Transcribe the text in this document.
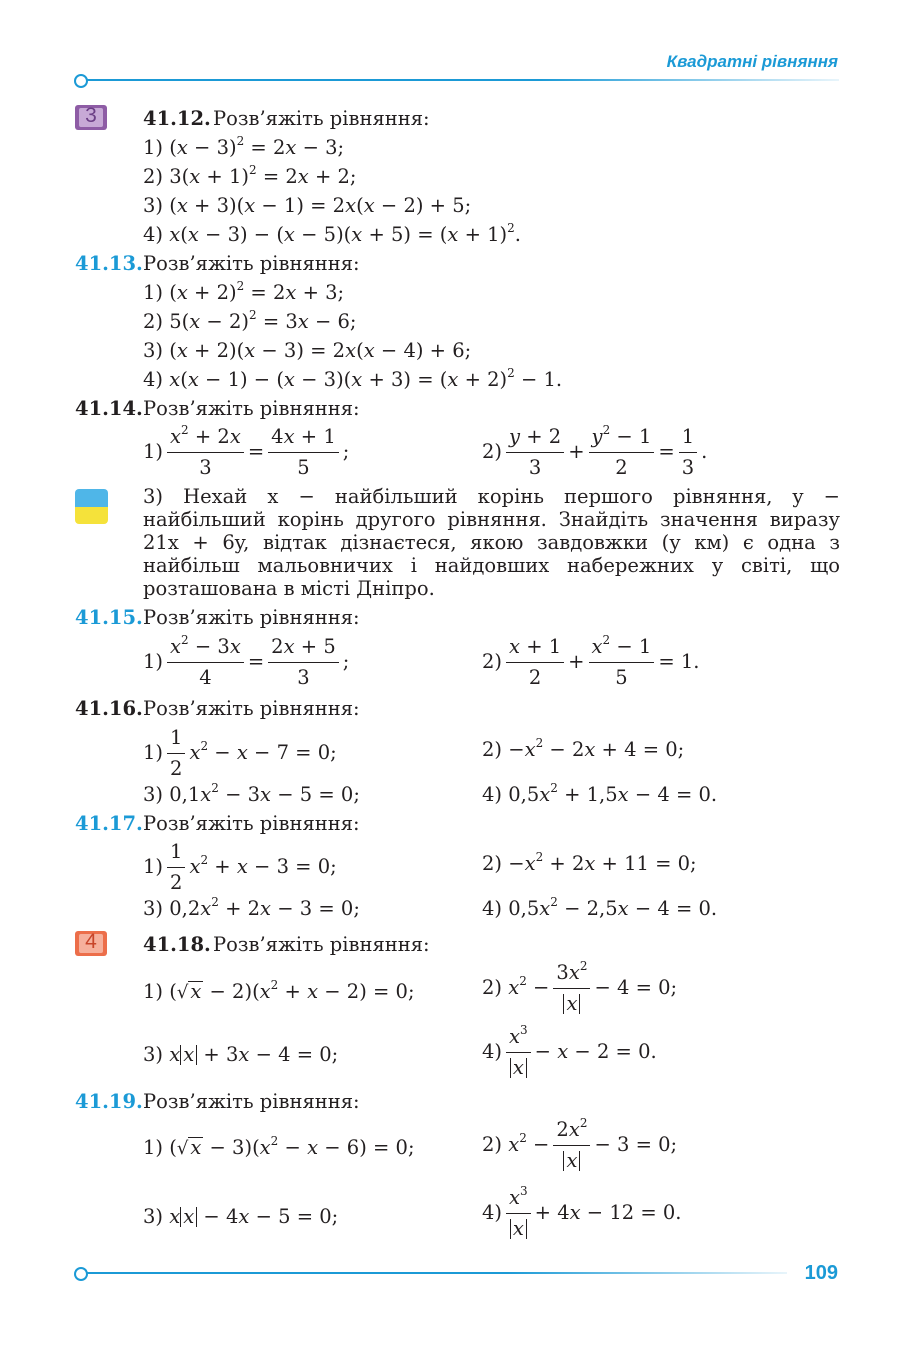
Квадратні рівняння
3	41.12. Розв’яжіть рівняння:
1) $(x - 3)^2 = 2x - 3$;
2) $3(x + 1)^2 = 2x + 2$;
3) (x + 3)(x − 1) = 2x(x − 2) + 5;
4) $x(x - 3) - (x - 5)(x + 5) = (x + 1)^2$.
41.13. Розв’яжіть рівняння:
1) $(x + 2)^2 = 2x + 3$;
2) $5(x - 2)^2 = 3x - 6$;
3) (x + 2)(x − 3) = 2x(x − 4) + 6;
4) $x(x - 1) - (x - 3)(x + 3) = (x + 2)^2 - 1$.
41.14. Розв’яжіть рівняння:
$1) \frac{x^2 + 2x}{3} = \frac{4x + 1}{5}$ ;	$2) \frac{y + 2}{3} + \frac{y^2 - 1}{2} = \frac{1}{3}$ .
3) Нехай x − найбільший корінь першого рівняння, y − найбільший корінь другого рівняння. Знайдіть значення виразу 21x + 6y, відтак дізнаєтеся, якою завдовжки (у км) є одна з найбільш мальовничих і найдовших набережних у світі, що розташована в місті Дніпро.
41.15. Розв’яжіть рівняння:
$1) \frac{x^2 - 3x}{4} = \frac{2x + 5}{3}$ ;	$2) \frac{x + 1}{2} + \frac{x^2 - 1}{5} = 1$.
41.16. Розв’яжіть рівняння:
$1) \frac{1}{2} x^2 - x - 7 = 0$;	$2) -x^2 - 2x + 4 = 0$;
3) $0,1x^2 - 3x - 5 = 0$;	4) $0,5x^2 + 1,5x - 4 = 0$.
41.17. Розв’яжіть рівняння:
$1) \frac{1}{2} x^2 + x - 3 = 0$;	$2) -x^2 + 2x + 11 = 0$;
3) $0,2x^2 + 2x - 3 = 0$;	4) $0,5x^2 - 2,5x - 4 = 0$.
4	41.18. Розв’яжіть рівняння:
1) (√ $x - 2)(x^2 + x - 2) = 0$;	2) $x^2 - \frac{3x^2}{x} - 4 = 0$;
3) x x + 3x − 4 = 0;	$4) \frac{x^3}{x} - x - 2 = 0$.
41.19. Розв’яжіть рівняння:
1) (√ $x - 3)(x^2 - x - 6) = 0$;	2) $x^2 - \frac{2x^2}{x} - 3 = 0$;
3) x x − 4x − 5 = 0;	$4) \frac{x^3}{x} + 4x - 12 = 0$.
109
